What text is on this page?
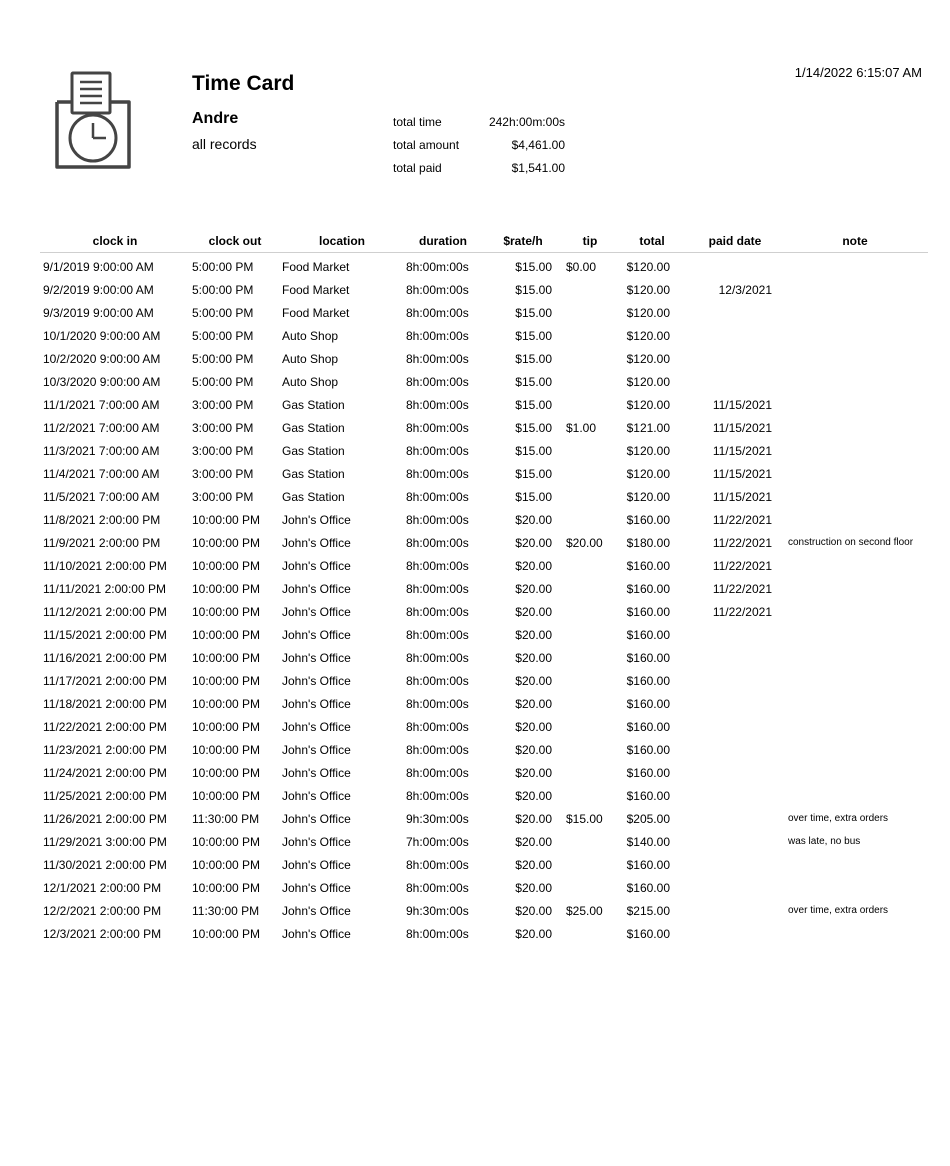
1/14/2022 6:15:07 AM
Time Card
Andre
all records
total time	242h:00m:00s
total amount	$4,461.00
total paid	$1,541.00
clock in	clock out	location	duration	$rate/h	tip	total	paid date	note
9/1/2019 9:00:00 AM	5:00:00 PM	Food Market	8h:00m:00s	$15.00	$0.00	$120.00		
9/2/2019 9:00:00 AM	5:00:00 PM	Food Market	8h:00m:00s	$15.00		$120.00	12/3/2021	
9/3/2019 9:00:00 AM	5:00:00 PM	Food Market	8h:00m:00s	$15.00		$120.00		
10/1/2020 9:00:00 AM	5:00:00 PM	Auto Shop	8h:00m:00s	$15.00		$120.00		
10/2/2020 9:00:00 AM	5:00:00 PM	Auto Shop	8h:00m:00s	$15.00		$120.00		
10/3/2020 9:00:00 AM	5:00:00 PM	Auto Shop	8h:00m:00s	$15.00		$120.00		
11/1/2021 7:00:00 AM	3:00:00 PM	Gas Station	8h:00m:00s	$15.00		$120.00	11/15/2021	
11/2/2021 7:00:00 AM	3:00:00 PM	Gas Station	8h:00m:00s	$15.00	$1.00	$121.00	11/15/2021	
11/3/2021 7:00:00 AM	3:00:00 PM	Gas Station	8h:00m:00s	$15.00		$120.00	11/15/2021	
11/4/2021 7:00:00 AM	3:00:00 PM	Gas Station	8h:00m:00s	$15.00		$120.00	11/15/2021	
11/5/2021 7:00:00 AM	3:00:00 PM	Gas Station	8h:00m:00s	$15.00		$120.00	11/15/2021	
11/8/2021 2:00:00 PM	10:00:00 PM	John's Office	8h:00m:00s	$20.00		$160.00	11/22/2021	
11/9/2021 2:00:00 PM	10:00:00 PM	John's Office	8h:00m:00s	$20.00	$20.00	$180.00	11/22/2021	construction on second floor
11/10/2021 2:00:00 PM	10:00:00 PM	John's Office	8h:00m:00s	$20.00		$160.00	11/22/2021	
11/11/2021 2:00:00 PM	10:00:00 PM	John's Office	8h:00m:00s	$20.00		$160.00	11/22/2021	
11/12/2021 2:00:00 PM	10:00:00 PM	John's Office	8h:00m:00s	$20.00		$160.00	11/22/2021	
11/15/2021 2:00:00 PM	10:00:00 PM	John's Office	8h:00m:00s	$20.00		$160.00		
11/16/2021 2:00:00 PM	10:00:00 PM	John's Office	8h:00m:00s	$20.00		$160.00		
11/17/2021 2:00:00 PM	10:00:00 PM	John's Office	8h:00m:00s	$20.00		$160.00		
11/18/2021 2:00:00 PM	10:00:00 PM	John's Office	8h:00m:00s	$20.00		$160.00		
11/22/2021 2:00:00 PM	10:00:00 PM	John's Office	8h:00m:00s	$20.00		$160.00		
11/23/2021 2:00:00 PM	10:00:00 PM	John's Office	8h:00m:00s	$20.00		$160.00		
11/24/2021 2:00:00 PM	10:00:00 PM	John's Office	8h:00m:00s	$20.00		$160.00		
11/25/2021 2:00:00 PM	10:00:00 PM	John's Office	8h:00m:00s	$20.00		$160.00		
11/26/2021 2:00:00 PM	11:30:00 PM	John's Office	9h:30m:00s	$20.00	$15.00	$205.00		over time, extra orders
11/29/2021 3:00:00 PM	10:00:00 PM	John's Office	7h:00m:00s	$20.00		$140.00		was late, no bus
11/30/2021 2:00:00 PM	10:00:00 PM	John's Office	8h:00m:00s	$20.00		$160.00		
12/1/2021 2:00:00 PM	10:00:00 PM	John's Office	8h:00m:00s	$20.00		$160.00		
12/2/2021 2:00:00 PM	11:30:00 PM	John's Office	9h:30m:00s	$20.00	$25.00	$215.00		over time, extra orders
12/3/2021 2:00:00 PM	10:00:00 PM	John's Office	8h:00m:00s	$20.00		$160.00		
